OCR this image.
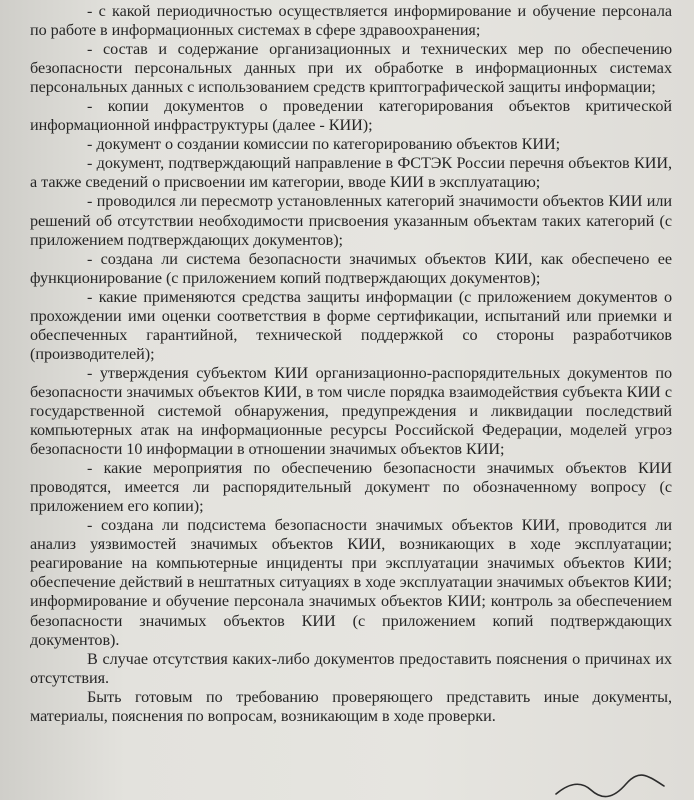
- с какой периодичностью осуществляется информирование и обучение персонала по работе в информационных системах в сфере здравоохранения;

- состав и содержание организационных и технических мер по обеспечению безопасности персональных данных при их обработке в информационных системах персональных данных с использованием средств криптографической защиты информации;

- копии документов о проведении категорирования объектов критической информационной инфраструктуры (далее - КИИ);

- документ о создании комиссии по категорированию объектов КИИ;

- документ, подтверждающий направление в ФСТЭК России перечня объектов КИИ, а также сведений о присвоении им категории, вводе КИИ в эксплуатацию;

- проводился ли пересмотр установленных категорий значимости объектов КИИ или решений об отсутствии необходимости присвоения указанным объектам таких категорий (с приложением подтверждающих документов);

- создана ли система безопасности значимых объектов КИИ, как обеспечено ее функционирование (с приложением копий подтверждающих документов);

- какие применяются средства защиты информации (с приложением документов о прохождении ими оценки соответствия в форме сертификации, испытаний или приемки и обеспеченных гарантийной, технической поддержкой со стороны разработчиков (производителей);

- утверждения субъектом КИИ организационно-распорядительных документов по безопасности значимых объектов КИИ, в том числе порядка взаимодействия субъекта КИИ с государственной системой обнаружения, предупреждения и ликвидации последствий компьютерных атак на информационные ресурсы Российской Федерации, моделей угроз безопасности 10 информации в отношении значимых объектов КИИ;

- какие мероприятия по обеспечению безопасности значимых объектов КИИ проводятся, имеется ли распорядительный документ по обозначенному вопросу (с приложением его копии);

- создана ли подсистема безопасности значимых объектов КИИ, проводится ли анализ уязвимостей значимых объектов КИИ, возникающих в ходе эксплуатации; реагирование на компьютерные инциденты при эксплуатации значимых объектов КИИ; обеспечение действий в нештатных ситуациях в ходе эксплуатации значимых объектов КИИ; информирование и обучение персонала значимых объектов КИИ; контроль за обеспечением безопасности значимых объектов КИИ (с приложением копий подтверждающих документов).

В случае отсутствия каких-либо документов предоставить пояснения о причинах их отсутствия.

Быть готовым по требованию проверяющего представить иные документы, материалы, пояснения по вопросам, возникающим в ходе проверки.
